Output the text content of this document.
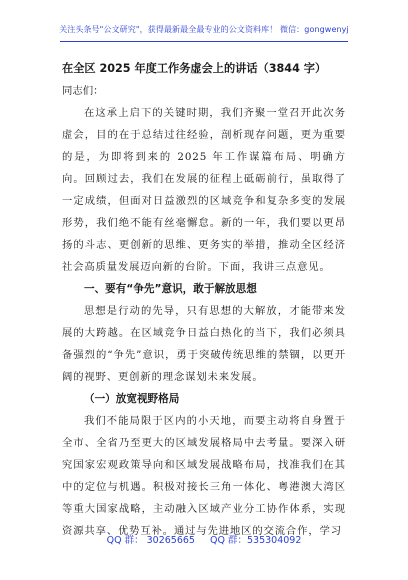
关注头条号"公文研究"，获得最新最全最专业的公文资料库！ 微信：gongwenyj
在全区 2025 年度工作务虚会上的讲话（3844 字）
同志们：

在这承上启下的关键时期，我们齐聚一堂召开此次务虚会，目的在于总结过往经验，剖析现存问题，更为重要的是，为即将到来的 2025 年工作谋篇布局、明确方向。回顾过去，我们在发展的征程上砥砺前行，虽取得了一定成绩，但面对日益激烈的区域竞争和复杂多变的发展形势，我们绝不能有丝毫懈怠。新的一年，我们要以更昂扬的斗志、更创新的思维、更务实的举措，推动全区经济社会高质量发展迈向新的台阶。下面，我讲三点意见。

一、要有“争先”意识，敢于解放思想

思想是行动的先导，只有思想的大解放，才能带来发展的大跨越。在区域竞争日益白热化的当下，我们必须具备强烈的“争先”意识，勇于突破传统思维的禁锢，以更开阔的视野、更创新的理念谋划未来发展。

（一）放宽视野格局

我们不能局限于区内的小天地，而要主动将自身置于全市、全省乃至更大的区域发展格局中去考量。要深入研究国家宏观政策导向和区域发展战略布局，找准我们在其中的定位与机遇。积极对接长三角一体化、粤港澳大湾区等重大国家战略，主动融入区域产业分工协作体系，实现资源共享、优势互补。通过与先进地区的交流合作，学习

QQ 群： 30265665 QQ 群：535304092
